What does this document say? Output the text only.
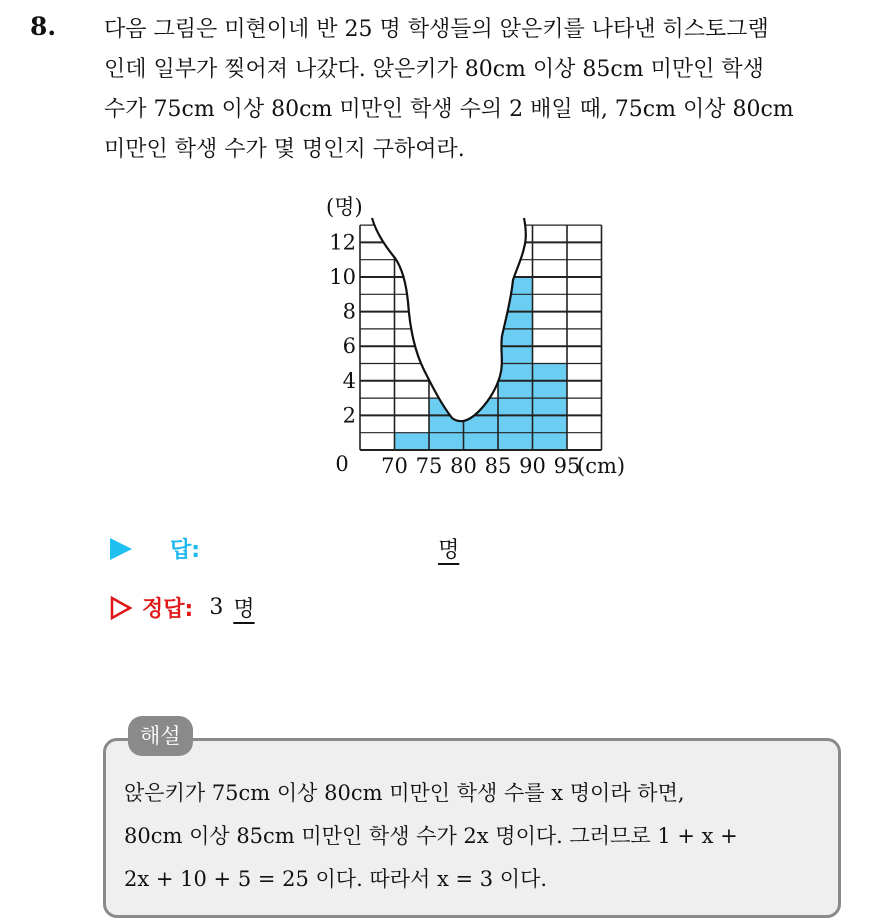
8. 다음 그림은 미현이네 반 25 명 학생들의 앉은키를 나타낸 히스토그램
인데 일부가 찢어져 나갔다. 앉은키가 80cm 이상 85cm 미만인 학생
수가 75cm 이상 80cm 미만인 학생 수의 2 배일 때, 75cm 이상 80cm
미만인 학생 수가 몇 명인지 구하여라.

2
4
6
8
10
12
0 70 75 80 85 90 95
(cm)
(명)
답:	명
정답: 3 명
해설

앉은키가 75cm 이상 80cm 미만인 학생 수를 x 명이라 하면,
80cm 이상 85cm 미만인 학생 수가 2x 명이다. 그러므로 1 + x +
2x + 10 + 5 = 25 이다. 따라서 x = 3 이다.
